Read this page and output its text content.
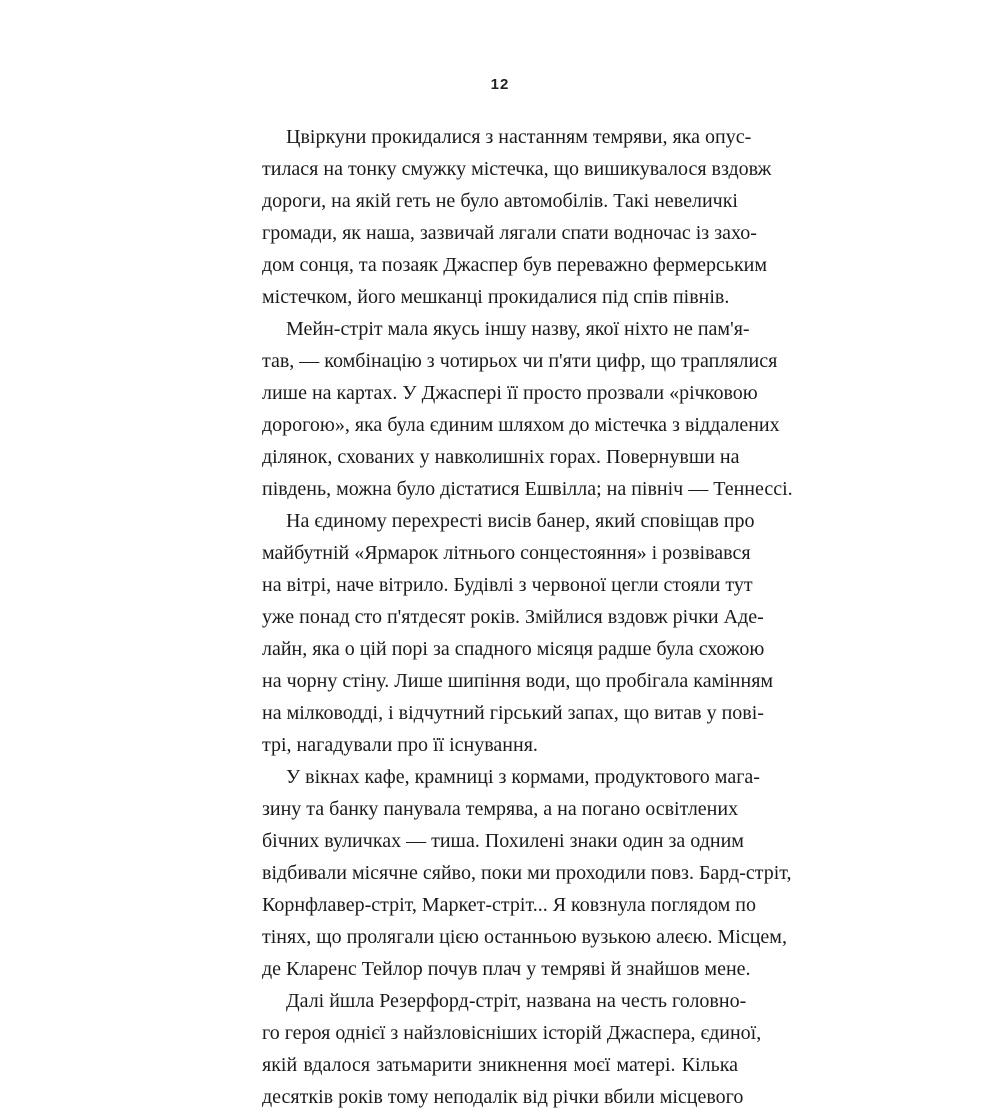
12
Цвіркуни прокидалися з настанням темряви, яка опус-
тилася на тонку смужку містечка, що вишикувалося вздовж
дороги, на якій геть не було автомобілів. Такі невеличкі
громади, як наша, зазвичай лягали спати водночас із захо-
дом сонця, та позаяк Джаспер був переважно фермерським
містечком, його мешканці прокидалися під спів півнів.
Мейн-стріт мала якусь іншу назву, якої ніхто не пам'я-
тав, — комбінацію з чотирьох чи п'яти цифр, що траплялися
лише на картах. У Джаспері її просто прозвали «річковою
дорогою», яка була єдиним шляхом до містечка з віддалених
ділянок, схованих у навколишніх горах. Повернувши на
південь, можна було дістатися Ешвілла; на північ — Теннессі.
На єдиному перехресті висів банер, який сповіщав про
майбутній «Ярмарок літнього сонцестояння» і розвівався
на вітрі, наче вітрило. Будівлі з червоної цегли стояли тут
уже понад сто п'ятдесят років. Змійлися вздовж річки Аде-
лайн, яка о цій порі за спадного місяця радше була схожою
на чорну стіну. Лише шипіння води, що пробігала камінням
на мілководді, і відчутний гірський запах, що витав у пові-
трі, нагадували про її існування.
У вікнах кафе, крамниці з кормами, продуктового мага-
зину та банку панувала темрява, а на погано освітлених
бічних вуличках — тиша. Похилені знаки один за одним
відбивали місячне сяйво, поки ми проходили повз. Бард-стріт,
Корнфлавер-стріт, Маркет-стріт... Я ковзнула поглядом по
тінях, що пролягали цією останньою вузькою алеєю. Місцем,
де Кларенс Тейлор почув плач у темряві й знайшов мене.
Далі йшла Резерфорд-стріт, названа на честь головно-
го героя однієї з найзловісніших історій Джаспера, єдиної,
якій вдалося затьмарити зникнення моєї матері. Кілька
десятків років тому неподалік від річки вбили місцевого
